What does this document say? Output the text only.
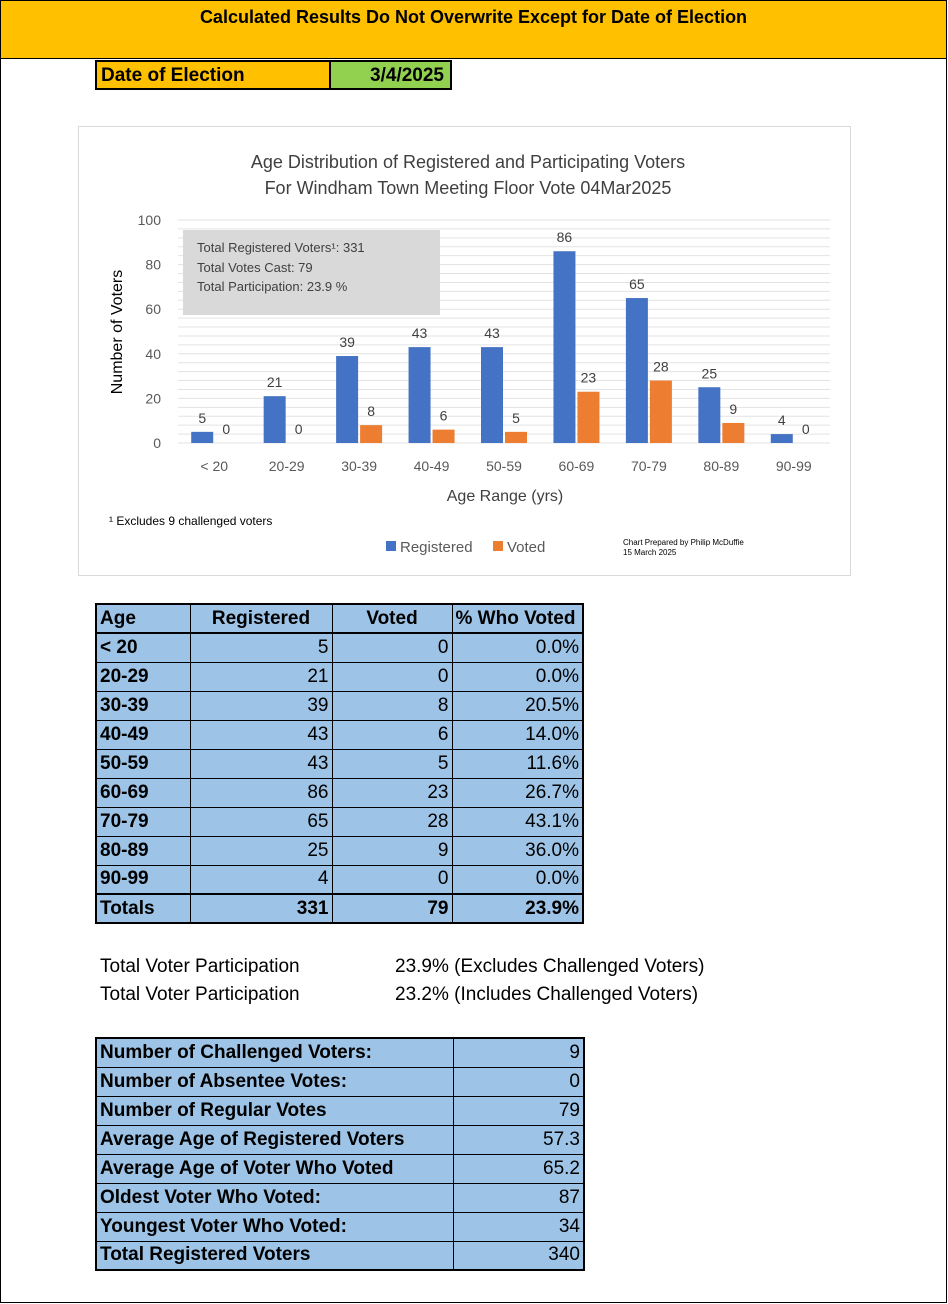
Calculated Results Do Not Overwrite Except for Date of Election
Date of Election	3/4/2025
Age Distribution of Registered and Participating Voters
For Windham Town Meeting Floor Vote 04Mar2025
Total Registered Voters¹: 331
Total Votes Cast: 79
Total Participation: 23.9 %
0
20
40
60
80
100
5
0
21
0
39
8
43
6
43
5
86
23
65
28 25
9
4
0
< 20	20-29	30-39	40-49	50-59	60-69	70-79	80-89	90-99
Number of Voters
Age Range (yrs)
¹ Excludes 9 challenged voters
Registered Voted	Chart Prepared by Philip McDuffie
15 March 2025
Age	Registered	Voted	% Who Voted
< 20	5	0	0.0%
20-29	21	0	0.0%
30-39	39	8	20.5%
40-49	43	6	14.0%
50-59	43	5	11.6%
60-69	86	23	26.7%
70-79	65	28	43.1%
80-89	25	9	36.0%
90-99	4	0	0.0%
Totals	331	79	23.9%
Total Voter Participation	23.9% (Excludes Challenged Voters)
Total Voter Participation	23.2% (Includes Challenged Voters)
Number of Challenged Voters:	9
Number of Absentee Votes:	0
Number of Regular Votes	79
Average Age of Registered Voters	57.3
Average Age of Voter Who Voted	65.2
Oldest Voter Who Voted:	87
Youngest Voter Who Voted:	34
Total Registered Voters	340
